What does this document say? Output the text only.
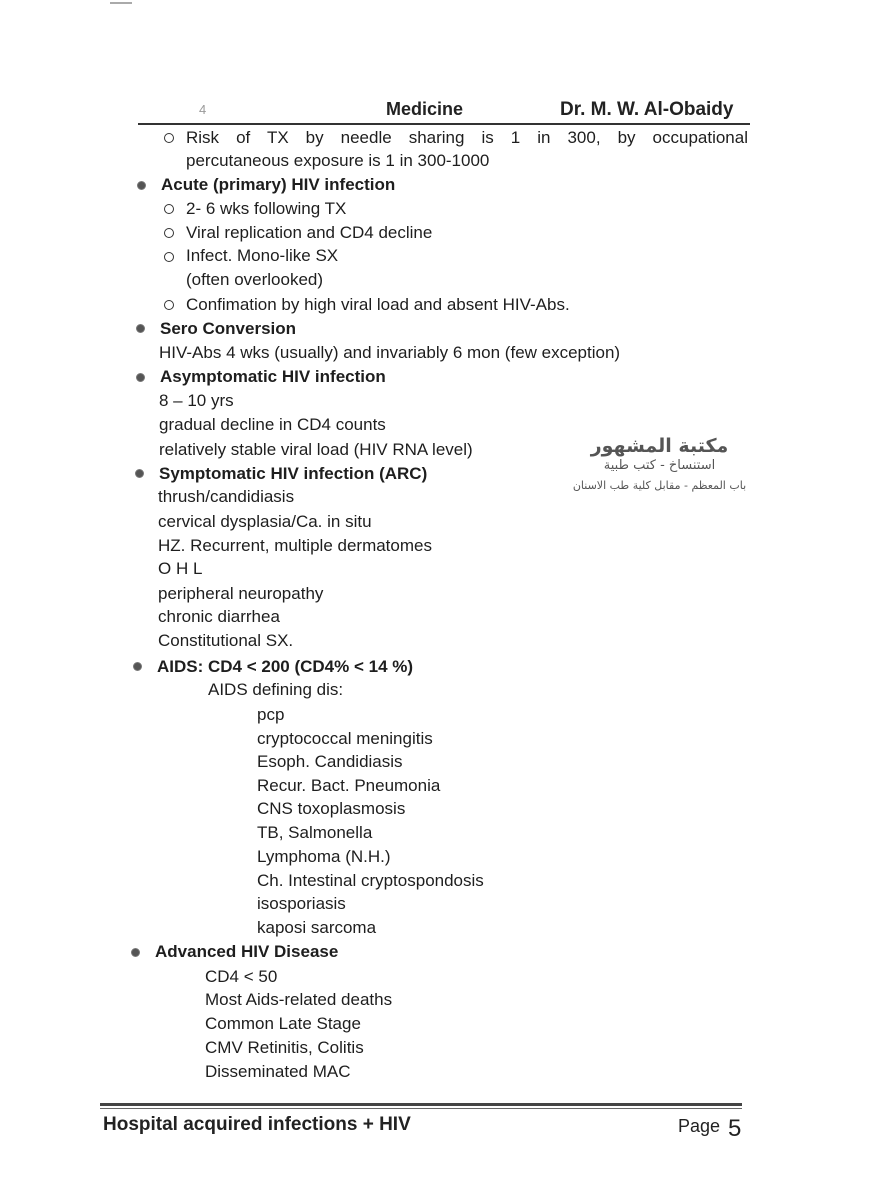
4	Medicine	Dr. M. W. Al-Obaidy
Risk of TX by needle sharing is 1 in 300, by occupational
percutaneous exposure is 1 in 300-1000
Acute (primary) HIV infection
2- 6 wks following TX
Viral replication and CD4 decline
Infect. Mono-like SX
(often overlooked)
Confimation by high viral load and absent HIV-Abs.
Sero Conversion
HIV-Abs 4 wks (usually) and invariably 6 mon (few exception)
Asymptomatic HIV infection
8 – 10 yrs
gradual decline in CD4 counts
relatively stable viral load (HIV RNA level)	مكتبة المشهور
استنساخ - كتب طبية
باب المعظم - مقابل كلية طب الاسنان
Symptomatic HIV infection (ARC)
thrush/candidiasis
cervical dysplasia/Ca. in situ
HZ. Recurrent, multiple dermatomes
O H L
peripheral neuropathy
chronic diarrhea
Constitutional SX.
AIDS: CD4 < 200 (CD4% < 14 %)
AIDS defining dis:
pcp
cryptococcal meningitis
Esoph. Candidiasis
Recur. Bact. Pneumonia
CNS toxoplasmosis
TB, Salmonella
Lymphoma (N.H.)
Ch. Intestinal cryptospondosis
isosporiasis
kaposi sarcoma
Advanced HIV Disease
CD4 < 50
Most Aids-related deaths
Common Late Stage
CMV Retinitis, Colitis
Disseminated MAC
Hospital acquired infections + HIV	Page 5
